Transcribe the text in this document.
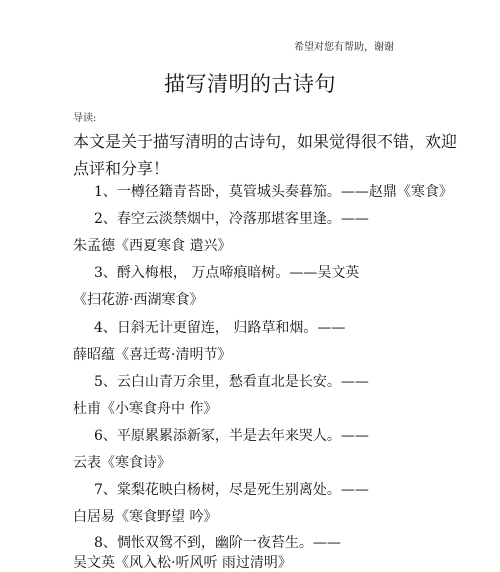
希望对您有帮助，谢谢
描写清明的古诗句
导读:

本文是关于描写清明的古诗句，如果觉得很不错，欢迎点评和分享！

1、一樽径籍青苔卧，莫管城头奏暮笳。——赵鼎《寒食》

2、春空云淡禁烟中，冷落那堪客里逢。——

朱孟德《西夏寒食 遣兴》

3、酹入梅根， 万点啼痕暗树。——吴文英

《扫花游·西湖寒食》

4、日斜无计更留连， 归路草和烟。——

薛昭蕴《喜迁莺·清明节》

5、云白山青万余里，愁看直北是长安。——

杜甫《小寒食舟中 作》

6、平原累累添新冢，半是去年来哭人。——

云表《寒食诗》

7、棠梨花映白杨树，尽是死生别离处。——

白居易《寒食野望 吟》

8、惆怅双鸳不到，幽阶一夜苔生。——

吴文英《风入松·听风听 雨过清明》
